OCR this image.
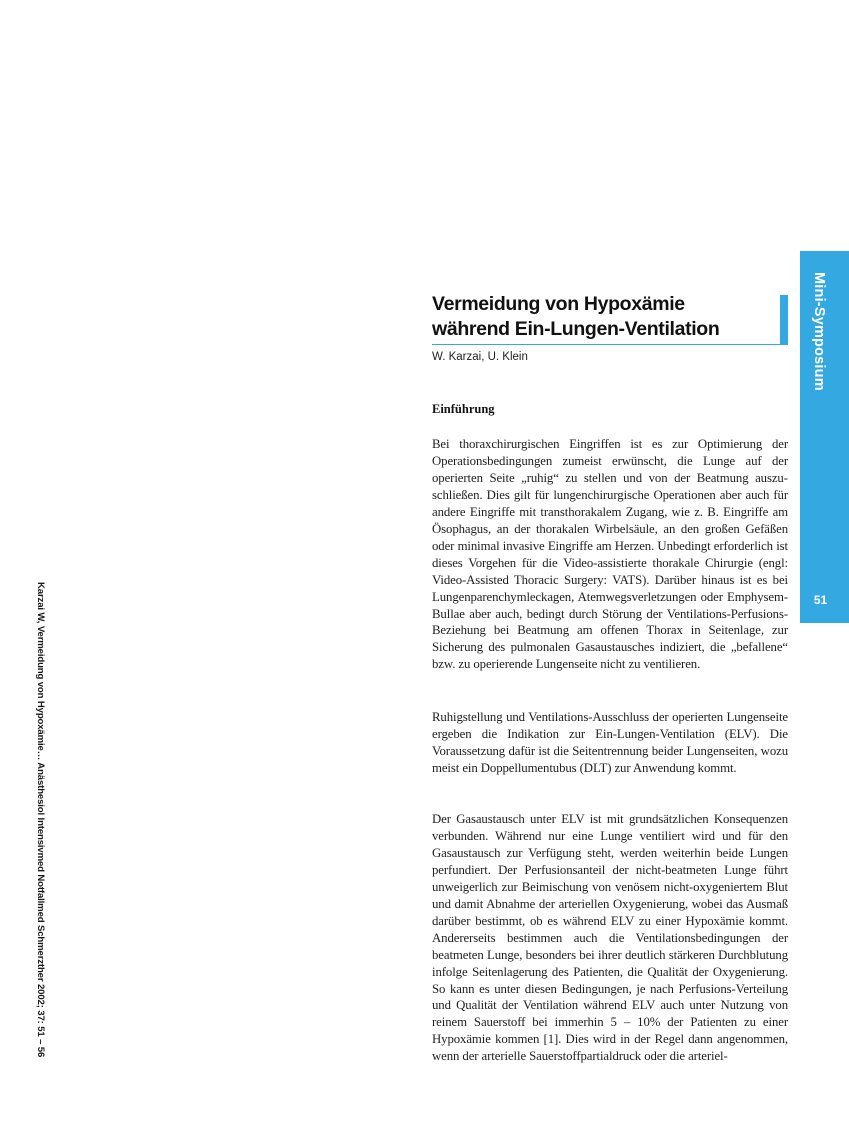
Mini-Symposium
51
Karzai W, Vermeidung von Hypoxämie… Anästhesiol Intensivmed Notfallmed Schmerzther 2002; 37: 51 – 56
Vermeidung von Hypoxämie
während Ein-Lungen-Ventilation
W. Karzai, U. Klein
Einführung

Bei thoraxchirurgischen Eingriffen ist es zur Optimierung der Operationsbedingungen zumeist erwünscht, die Lunge auf der operierten Seite „ruhig“ zu stellen und von der Beatmung auszuschließen. Dies gilt für lungenchirurgische Operationen aber auch für andere Eingriffe mit transthorakalem Zugang, wie z. B. Eingriffe am Ösophagus, an der thorakalen Wirbelsäule, an den großen Gefäßen oder minimal invasive Eingriffe am Herzen. Unbedingt erforderlich ist dieses Vorgehen für die Video-assistierte thorakale Chirurgie (engl: Video-Assisted Thoracic Surgery: VATS). Darüber hinaus ist es bei Lungenparenchymleckagen, Atemwegsverletzungen oder Emphysem-Bullae aber auch, bedingt durch Störung der Ventilations-Perfusions-Beziehung bei Beatmung am offenen Thorax in Seitenlage, zur Sicherung des pulmonalen Gasaustausches indiziert, die „befallene“ bzw. zu operierende Lungenseite nicht zu ventilieren.

Ruhigstellung und Ventilations-Ausschluss der operierten Lungenseite ergeben die Indikation zur Ein-Lungen-Ventilation (ELV). Die Voraussetzung dafür ist die Seitentrennung beider Lungenseiten, wozu meist ein Doppellumentubus (DLT) zur Anwendung kommt.

Der Gasaustausch unter ELV ist mit grundsätzlichen Konsequenzen verbunden. Während nur eine Lunge ventiliert wird und für den Gasaustausch zur Verfügung steht, werden weiterhin beide Lungen perfundiert. Der Perfusionsanteil der nicht-beatmeten Lunge führt unweigerlich zur Beimischung von venösem nicht-oxygeniertem Blut und damit Abnahme der arteriellen Oxygenierung, wobei das Ausmaß darüber bestimmt, ob es während ELV zu einer Hypoxämie kommt. Andererseits bestimmen auch die Ventilationsbedingungen der beatmeten Lunge, besonders bei ihrer deutlich stärkeren Durchblutung infolge Seitenlagerung des Patienten, die Qualität der Oxygenierung. So kann es unter diesen Bedingungen, je nach Perfusions-Verteilung und Qualität der Ventilation während ELV auch unter Nutzung von reinem Sauerstoff bei immerhin 5 – 10% der Patienten zu einer Hypoxämie kommen [1]. Dies wird in der Regel dann angenommen, wenn der arterielle Sauerstoffpartialdruck oder die arteriel-
